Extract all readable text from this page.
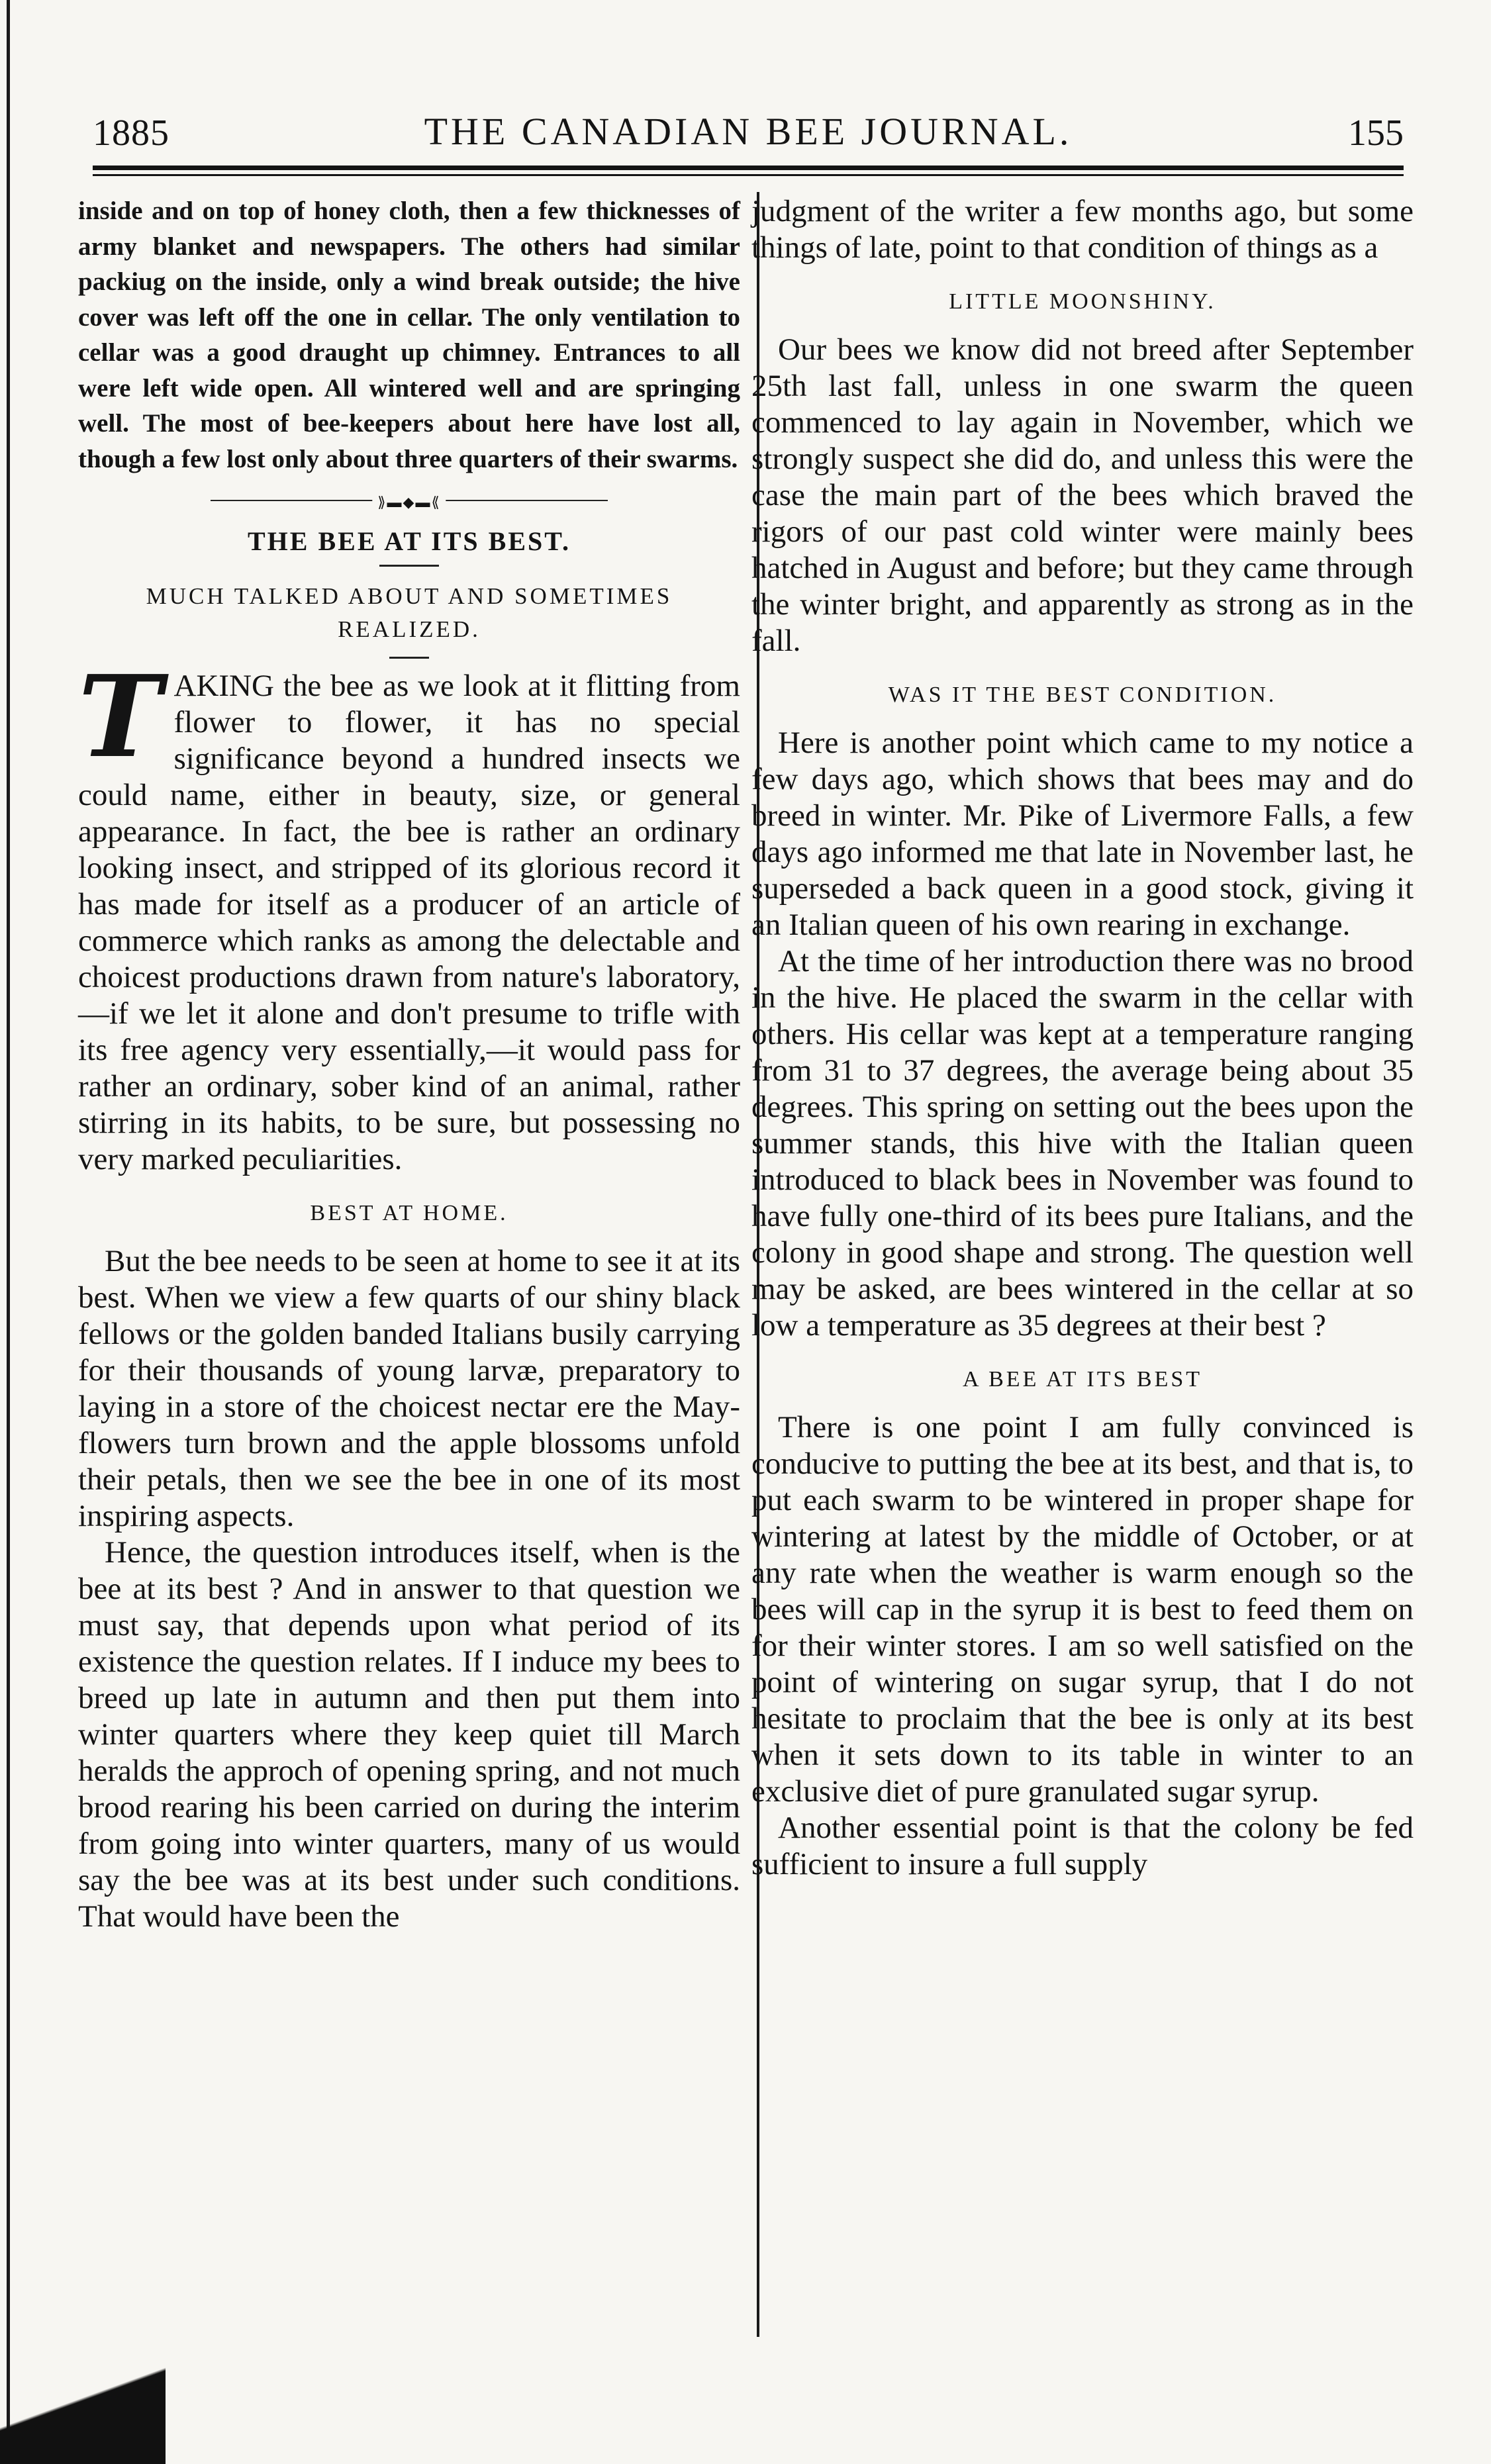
1885	THE CANADIAN BEE JOURNAL.	155

inside and on top of honey cloth, then a few thicknesses of army blanket and newspapers. The others had similar packiug on the inside, only a wind break outside; the hive cover was left off the one in cellar. The only ventilation to cellar was a good draught up chimney. Entrances to all were left wide open. All wintered well and are springing well. The most of bee-keepers about here have lost all, though a few lost only about three quarters of their swarms.

⟫▬◆▬⟪
THE BEE AT ITS BEST.
MUCH TALKED ABOUT AND SOMETIMES REALIZED.

TAKING the bee as we look at it flitting from flower to flower, it has no special significance beyond a hundred insects we could name, either in beauty, size, or general appearance. In fact, the bee is rather an ordinary looking insect, and stripped of its glorious record it has made for itself as a producer of an article of commerce which ranks as among the delectable and choicest productions drawn from nature's laboratory,—if we let it alone and don't presume to trifle with its free agency very essentially,—it would pass for rather an ordinary, sober kind of an animal, rather stirring in its habits, to be sure, but possessing no very marked peculiarities.

BEST AT HOME.

But the bee needs to be seen at home to see it at its best. When we view a few quarts of our shiny black fellows or the golden banded Italians busily carrying for their thousands of young larvæ, preparatory to laying in a store of the choicest nectar ere the May-flowers turn brown and the apple blossoms unfold their petals, then we see the bee in one of its most inspiring aspects.

Hence, the question introduces itself, when is the bee at its best ? And in answer to that question we must say, that depends upon what period of its existence the question relates. If I induce my bees to breed up late in autumn and then put them into winter quarters where they keep quiet till March heralds the approch of opening spring, and not much brood rearing his been carried on during the interim from going into winter quarters, many of us would say the bee was at its best under such conditions. That would have been the

judgment of the writer a few months ago, but some things of late, point to that condition of things as a

LITTLE MOONSHINY.

Our bees we know did not breed after September 25th last fall, unless in one swarm the queen commenced to lay again in November, which we strongly suspect she did do, and unless this were the case the main part of the bees which braved the rigors of our past cold winter were mainly bees hatched in August and before; but they came through the winter bright, and apparently as strong as in the fall.

WAS IT THE BEST CONDITION.

Here is another point which came to my notice a few days ago, which shows that bees may and do breed in winter. Mr. Pike of Livermore Falls, a few days ago informed me that late in November last, he superseded a back queen in a good stock, giving it an Italian queen of his own rearing in exchange.

At the time of her introduction there was no brood in the hive. He placed the swarm in the cellar with others. His cellar was kept at a temperature ranging from 31 to 37 degrees, the average being about 35 degrees. This spring on setting out the bees upon the summer stands, this hive with the Italian queen introduced to black bees in November was found to have fully one-third of its bees pure Italians, and the colony in good shape and strong. The question well may be asked, are bees wintered in the cellar at so low a temperature as 35 degrees at their best ?

A BEE AT ITS BEST

There is one point I am fully convinced is conducive to putting the bee at its best, and that is, to put each swarm to be wintered in proper shape for wintering at latest by the middle of October, or at any rate when the weather is warm enough so the bees will cap in the syrup it is best to feed them on for their winter stores. I am so well satisfied on the point of wintering on sugar syrup, that I do not hesitate to proclaim that the bee is only at its best when it sets down to its table in winter to an exclusive diet of pure granulated sugar syrup.

Another essential point is that the colony be fed sufficient to insure a full supply
